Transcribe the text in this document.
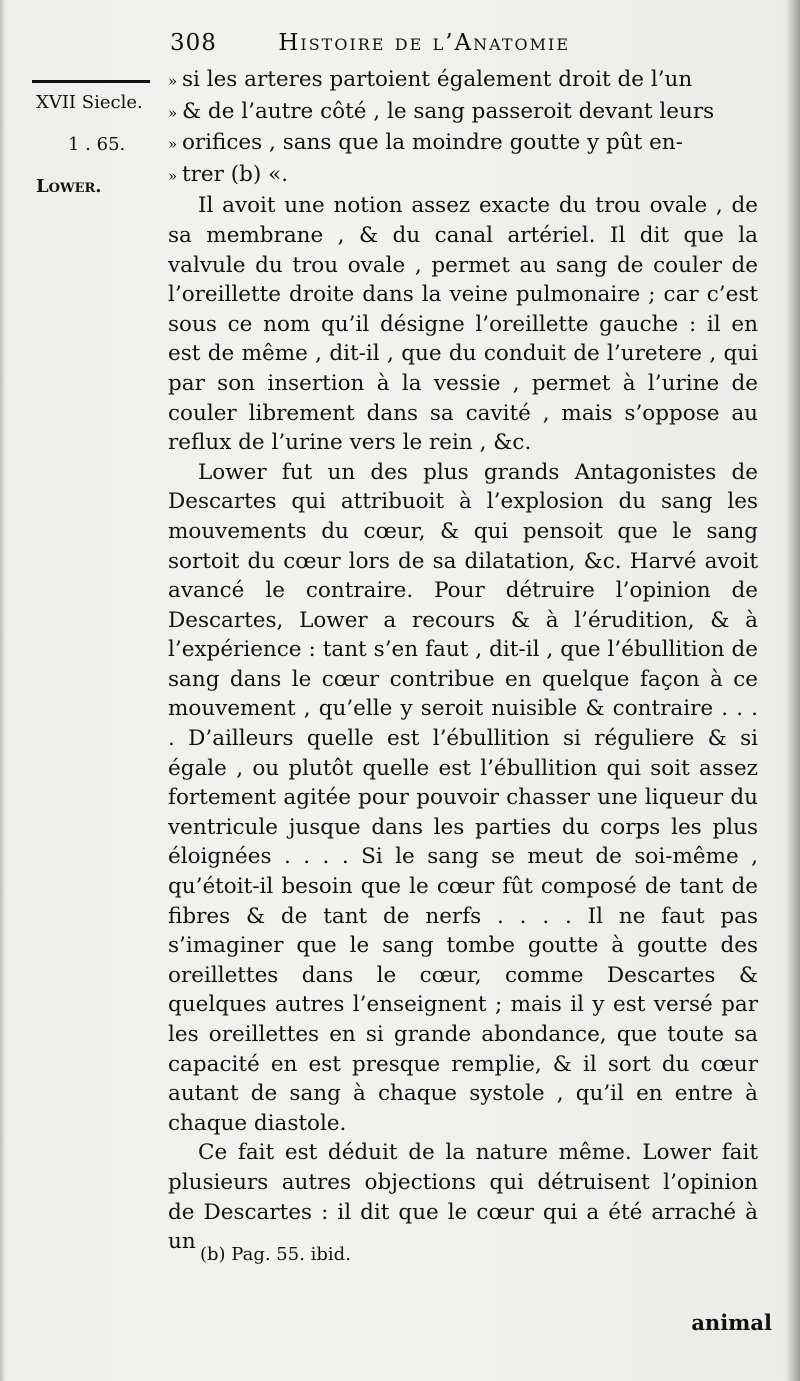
308	Histoire de l’Anatomie
XVII Siecle.
1 . 65.
Lower.

» si les arteres partoient également droit de l’un
» & de l’autre côté , le sang passeroit devant leurs
» orifices , sans que la moindre goutte y pût en-
» trer (b) «.

Il avoit une notion assez exacte du trou ovale , de sa membrane , & du canal artériel. Il dit que la valvule du trou ovale , permet au sang de couler de l’oreillette droite dans la veine pulmonaire ; car c’est sous ce nom qu’il désigne l’oreillette gauche : il en est de même , dit-il , que du conduit de l’uretere , qui par son insertion à la vessie , permet à l’urine de couler librement dans sa cavité , mais s’oppose au reflux de l’urine vers le rein , &c.

Lower fut un des plus grands Antagonistes de Descartes qui attribuoit à l’explosion du sang les mouvements du cœur, & qui pensoit que le sang sortoit du cœur lors de sa dilatation, &c. Harvé avoit avancé le contraire. Pour détruire l’opinion de Descartes, Lower a recours & à l’érudition, & à l’expérience : tant s’en faut , dit-il , que l’ébullition de sang dans le cœur contribue en quelque façon à ce mouvement , qu’elle y seroit nuisible & contraire . . . . D’ailleurs quelle est l’ébullition si réguliere & si égale , ou plutôt quelle est l’ébullition qui soit assez fortement agitée pour pouvoir chasser une liqueur du ventricule jusque dans les parties du corps les plus éloignées . . . . Si le sang se meut de soi-même , qu’étoit-il besoin que le cœur fût composé de tant de fibres & de tant de nerfs . . . . Il ne faut pas s’imaginer que le sang tombe goutte à goutte des oreillettes dans le cœur, comme Descartes & quelques autres l’enseignent ; mais il y est versé par les oreillettes en si grande abondance, que toute sa capacité en est presque remplie, & il sort du cœur autant de sang à chaque systole , qu’il en entre à chaque diastole.

Ce fait est déduit de la nature même. Lower fait plusieurs autres objections qui détruisent l’opinion de Descartes : il dit que le cœur qui a été arraché à un

(b) Pag. 55. ibid.
animal
